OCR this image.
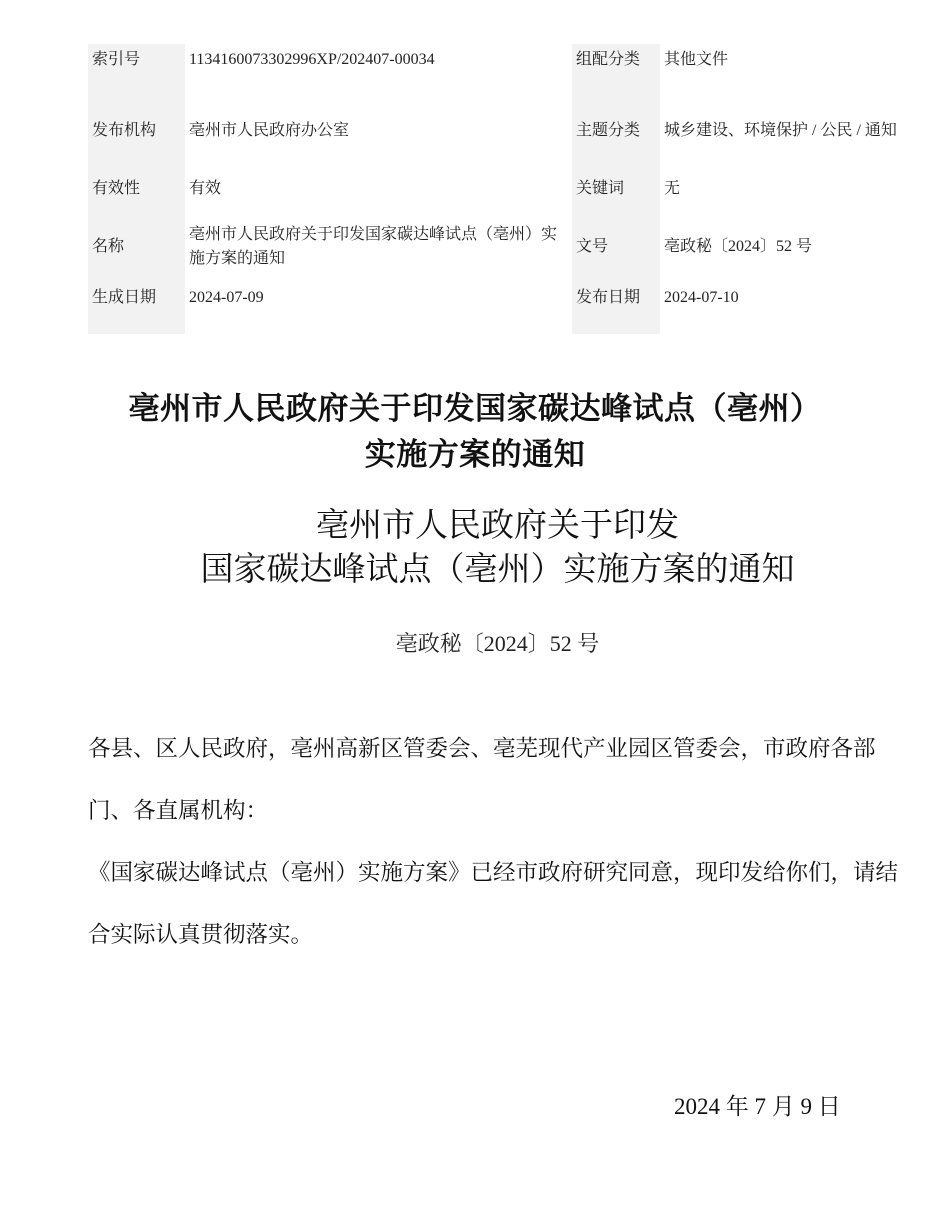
索引号	1134160073302996XP/202407-00034	组配分类	其他文件
发布机构	亳州市人民政府办公室	主题分类	城乡建设、环境保护 / 公民 / 通知
有效性	有效	关键词	无
名称	亳州市人民政府关于印发国家碳达峰试点（亳州）实施方案的通知	文号	亳政秘〔2024〕52 号
生成日期	2024-07-09	发布日期	2024-07-10
亳州市人民政府关于印发国家碳达峰试点（亳州）
实施方案的通知
亳州市人民政府关于印发
国家碳达峰试点（亳州）实施方案的通知
亳政秘〔2024〕52 号

各县、区人民政府，亳州高新区管委会、亳芜现代产业园区管委会，市政府各部门、各直属机构：

《国家碳达峰试点（亳州）实施方案》已经市政府研究同意，现印发给你们，请结合实际认真贯彻落实。

2024 年 7 月 9 日
